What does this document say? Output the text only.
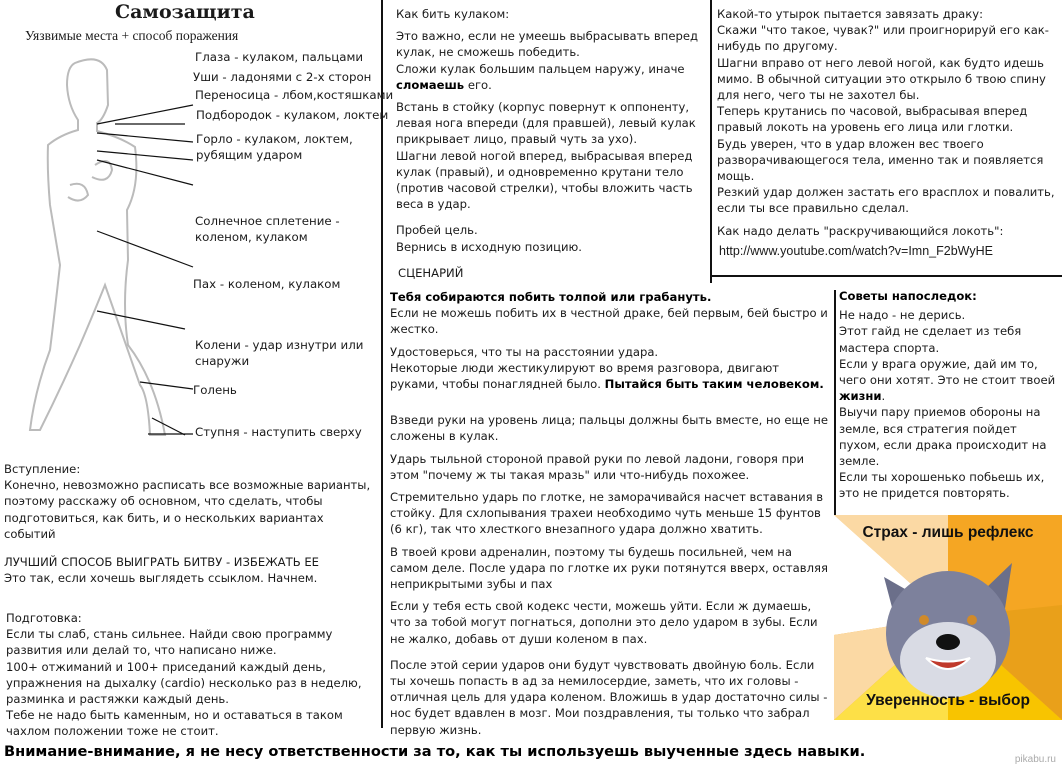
Самозащита
Уязвимые места + способ поражения
Глаза - кулаком, пальцами
Уши - ладонями с 2-х сторон
Переносица - лбом,костяшками
Подбородок - кулаком, локтем
Горло - кулаком, локтем,
рубящим ударом
Солнечное сплетение -
коленом, кулаком
Пах - коленом, кулаком
Колени - удар изнутри или
снаружи
Голень
Ступня - наступить сверху
Вступление:

Конечно, невозможно расписать все возможные варианты, поэтому расскажу об основном, что сделать, чтобы подготовиться, как бить, и о нескольких вариантах событий

ЛУЧШИЙ СПОСОБ ВЫИГРАТЬ БИТВУ - ИЗБЕЖАТЬ ЕЕ
Это так, если хочешь выглядеть ссыклом. Начнем.
Подготовка:
Если ты слаб, стань сильнее. Найди свою программу развития или делай то, что написано ниже.
100+ отжиманий и 100+ приседаний каждый день, упражнения на дыхалку (cardio) несколько раз в неделю, разминка и растяжки каждый день.
Тебе не надо быть каменным, но и оставаться в таком чахлом положении тоже не стоит.

Как бить кулаком:

Это важно, если не умеешь выбрасывать вперед кулак, не сможешь победить.

Сложи кулак большим пальцем наружу, иначе сломаешь его.

Встань в стойку (корпус повернут к оппоненту, левая нога впереди (для правшей), левый кулак прикрывает лицо, правый чуть за ухо).

Шагни левой ногой вперед, выбрасывая вперед кулак (правый), и одновременно крутани тело (против часовой стрелки), чтобы вложить часть веса в удар.

Пробей цель.

Вернись в исходную позицию.

СЦЕНАРИЙ
Какой-то утырок пытается завязать драку:
Скажи "что такое, чувак?" или проигнорируй его как-нибудь по другому.
Шагни вправо от него левой ногой, как будто идешь мимо. В обычной ситуации это открыло б твою спину для него, чего ты не захотел бы.
Теперь крутанись по часовой, выбрасывая вперед правый локоть на уровень его лица или глотки.
Будь уверен, что в удар вложен вес твоего разворачивающегося тела, именно так и появляется мощь.

Резкий удар должен застать его врасплох и повалить, если ты все правильно сделал.

Как надо делать "раскручивающийся локоть":
http://www.youtube.com/watch?v=Imn_F2bWyHE
Тебя собираются побить толпой или грабануть.

Если не можешь побить их в честной драке, бей первым, бей быстро и жестко.

Удостоверься, что ты на расстоянии удара.

Некоторые люди жестикулируют во время разговора, двигают руками, чтобы понаглядней было. Пытайся быть таким человеком.

Взведи руки на уровень лица; пальцы должны быть вместе, но еще не сложены в кулак.

Ударь тыльной стороной правой руки по левой ладони, говоря при этом "почему ж ты такая мразь" или что-нибудь похожее.

Стремительно ударь по глотке, не заморачивайся насчет вставания в стойку. Для схлопывания трахеи необходимо чуть меньше 15 фунтов (6 кг), так что хлесткого внезапного удара должно хватить.

В твоей крови адреналин, поэтому ты будешь посильней, чем на самом деле. После удара по глотке их руки потянутся вверх, оставляя неприкрытыми зубы и пах

Если у тебя есть свой кодекс чести, можешь уйти. Если ж думаешь, что за тобой могут погнаться, дополни это дело ударом в зубы. Если не жалко, добавь от души коленом в пах.

После этой серии ударов они будут чувствовать двойную боль. Если ты хочешь попасть в ад за немилосердие, заметь, что их головы - отличная цель для удара коленом. Вложишь в удар достаточно силы - нос будет вдавлен в мозг. Мои поздравления, ты только что забрал первую жизнь.

Советы напоследок:
Не надо - не дерись.
Этот гайд не сделает из тебя мастера спорта.
Если у врага оружие, дай им то, чего они хотят. Это не стоит твоей жизни.
Выучи пару приемов обороны на земле, вся стратегия пойдет пухом, если драка происходит на земле.
Если ты хорошенько побьешь их, это не придется повторять.
Страх - лишь рефлекс
Уверенность - выбор
Внимание-внимание, я не несу ответственности за то, как ты используешь выученные здесь навыки.	pikabu.ru
